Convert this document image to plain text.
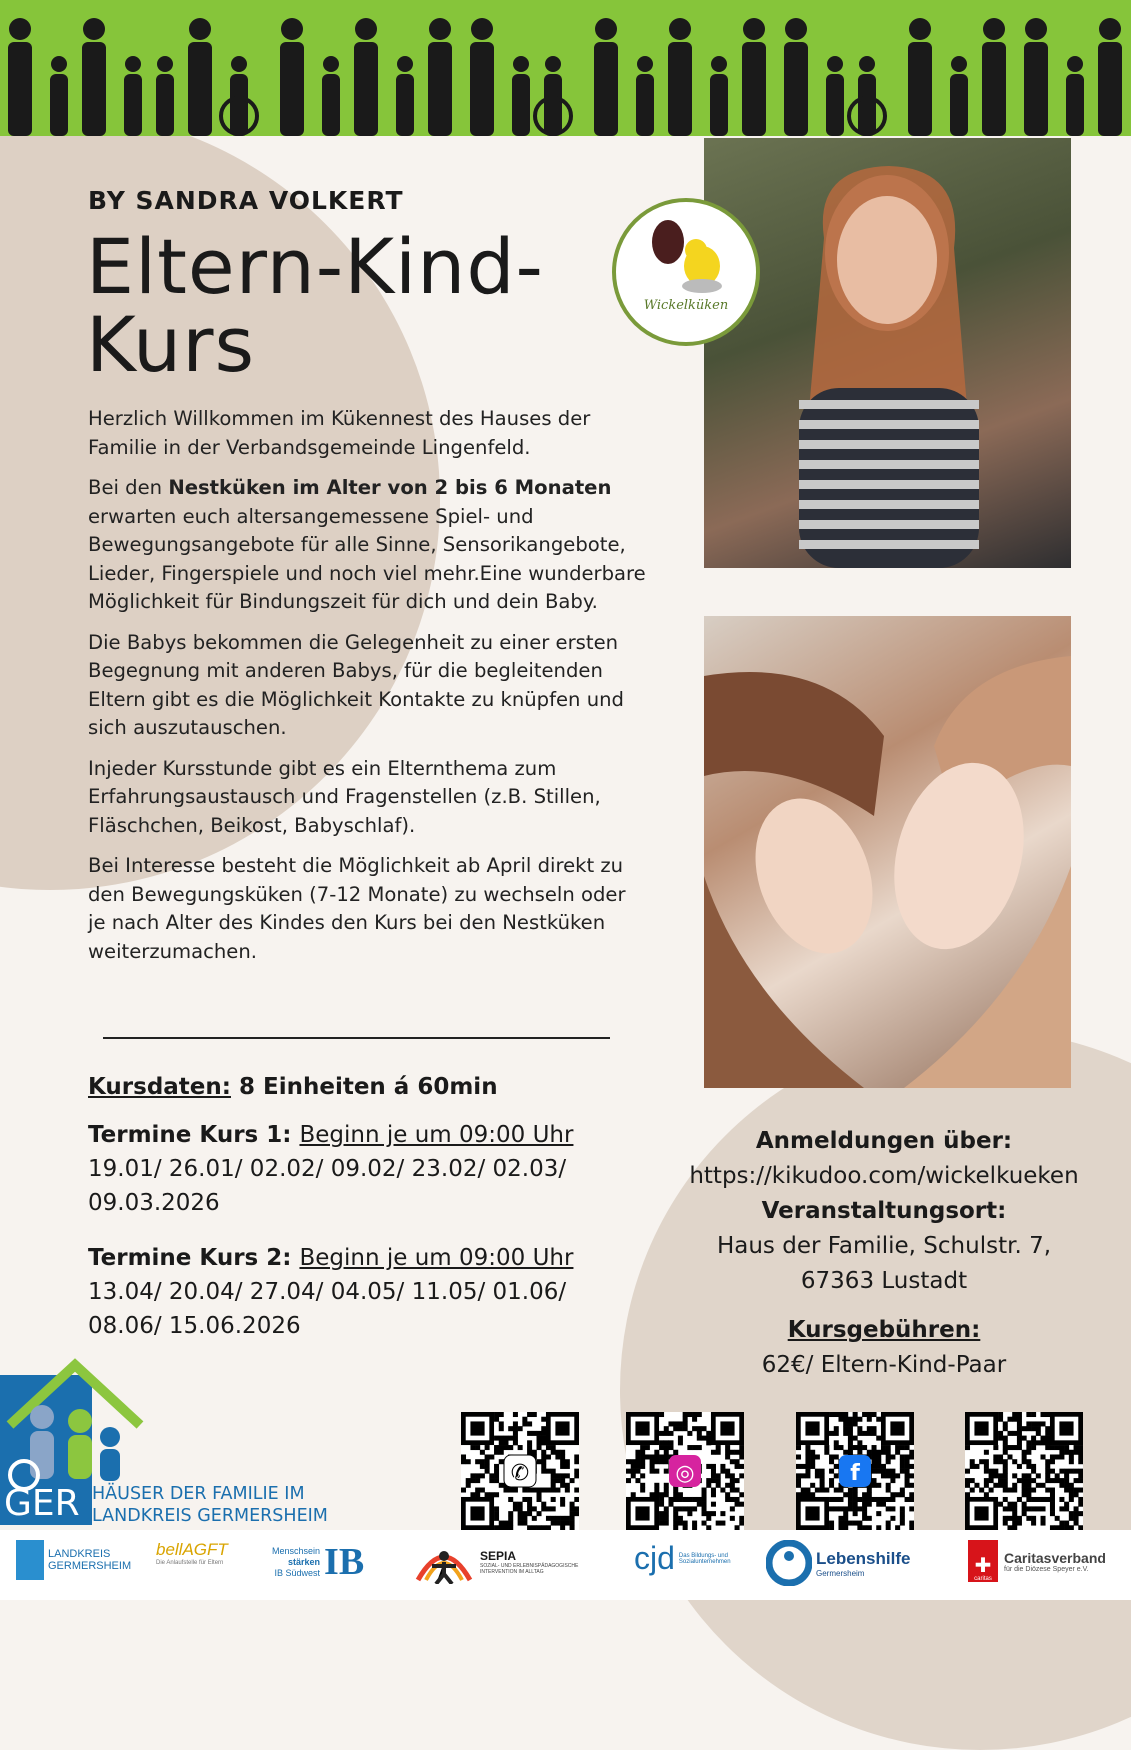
BY SANDRA VOLKERT
Eltern-Kind-
Kurs	Wickelküken

Herzlich Willkommen im Kükennest des Hauses der Familie in der Verbandsgemeinde Lingenfeld.

Bei den Nestküken im Alter von 2 bis 6 Monaten erwarten euch altersangemessene Spiel- und Bewegungsangebote für alle Sinne, Sensorikangebote, Lieder, Fingerspiele und noch viel mehr.Eine wunderbare Möglichkeit für Bindungszeit für dich und dein Baby.

Die Babys bekommen die Gelegenheit zu einer ersten Begegnung mit anderen Babys, für die begleitenden Eltern gibt es die Möglichkeit Kontakte zu knüpfen und sich auszutauschen.

Injeder Kursstunde gibt es ein Elternthema zum Erfahrungsaustausch und Fragenstellen (z.B. Stillen, Fläschchen, Beikost, Babyschlaf).

Bei Interesse besteht die Möglichkeit ab April direkt zu den Bewegungsküken (7-12 Monate) zu wechseln oder je nach Alter des Kindes den Kurs bei den Nestküken weiterzumachen.

Kursdaten: 8 Einheiten á 60min
Termine Kurs 1: Beginn je um 09:00 Uhr
19.01/ 26.01/ 02.02/ 09.02/ 23.02/ 02.03/
09.03.2026
Termine Kurs 2: Beginn je um 09:00 Uhr
13.04/ 20.04/ 27.04/ 04.05/ 11.05/ 01.06/
08.06/ 15.06.2026
Anmeldungen über:
https://kikudoo.com/wickelkueken
Veranstaltungsort:
Haus der Familie, Schulstr. 7,
67363 Lustadt
Kursgebühren:
62€/ Eltern-Kind-Paar
GER HÄUSER DER FAMILIE IM
LANDKREIS GERMERSHEIM
✆	◎	f
LANDKREIS
GERMERSHEIM
bellAGFT
Die Anlaufstelle für Eltern
Menschsein
stärken
IB Südwest IB	SEPIA
SOZIAL- UND ERLEBNISPÄDAGOGISCHE INTERVENTION IM ALLTAG	cjd Das Bildungs- und Sozialunternehmen	Lebenshilfe
Germersheim	✚
caritas
Caritasverband
für die Diözese Speyer e.V.
